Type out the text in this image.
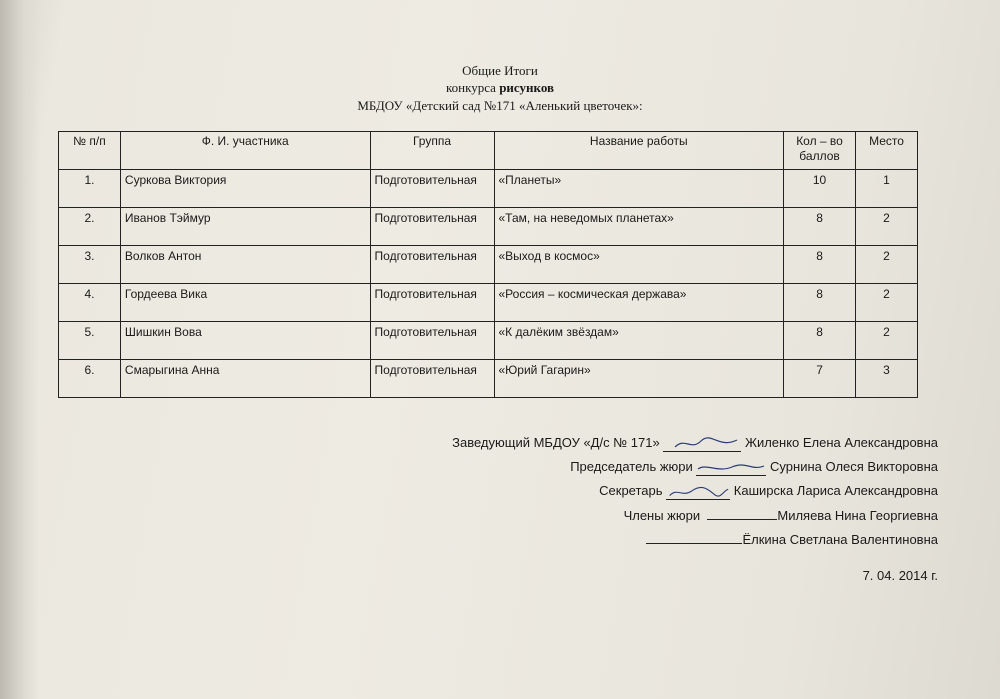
Общие Итоги
конкурса рисунков
МБДОУ «Детский сад №171 «Аленький цветочек»:
№ п/п	Ф. И. участника	Группа	Название работы	Кол – во баллов	Место
1.	Суркова Виктория	Подготовительная	«Планеты»	10	1
2.	Иванов Тэймур	Подготовительная	«Там, на неведомых планетах»	8	2
3.	Волков Антон	Подготовительная	«Выход в космос»	8	2
4.	Гордеева Вика	Подготовительная	«Россия – космическая держава»	8	2
5.	Шишкин Вова	Подготовительная	«К далёким звёздам»	8	2
6.	Смарыгина Анна	Подготовительная	«Юрий Гагарин»	7	3
Заведующий МБДОУ «Д/с № 171»	Жиленко Елена Александровна
Председатель жюри	Сурнина Олеся Викторовна
Секретарь	Каширска Лариса Александровна
Члены жюри	Миляева Нина Георгиевна
Ёлкина Светлана Валентиновна
7. 04. 2014 г.
